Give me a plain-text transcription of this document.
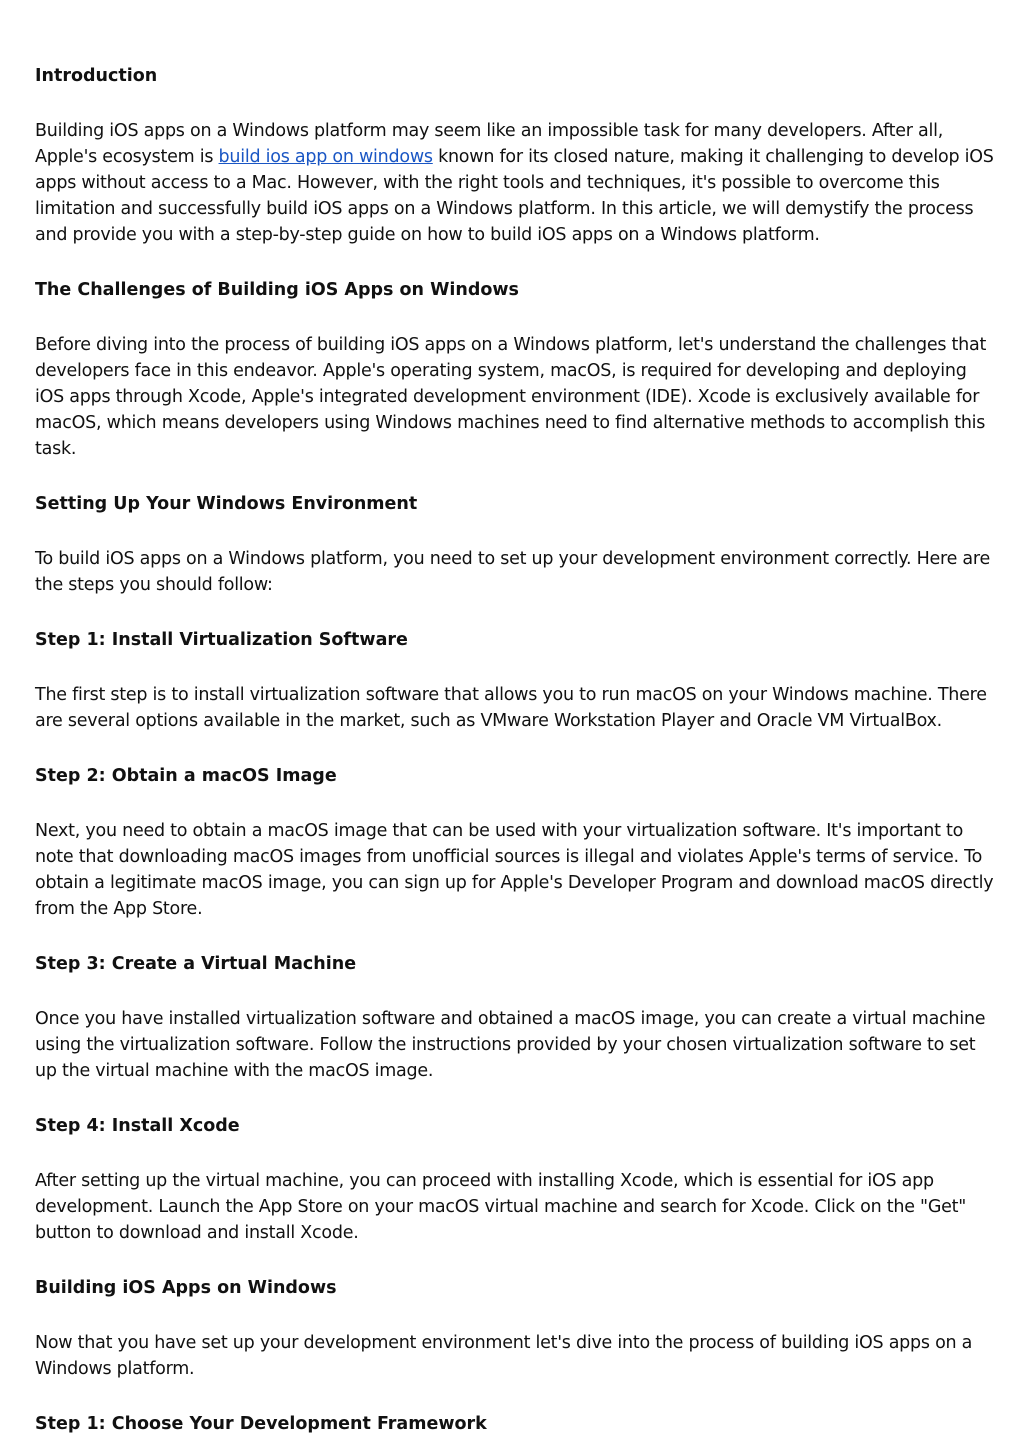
Introduction

Building iOS apps on a Windows platform may seem like an impossible task for many developers. After all, Apple's ecosystem is build ios app on windows known for its closed nature, making it challenging to develop iOS apps without access to a Mac. However, with the right tools and techniques, it's possible to overcome this limitation and successfully build iOS apps on a Windows platform. In this article, we will demystify the process and provide you with a step-by-step guide on how to build iOS apps on a Windows platform.

The Challenges of Building iOS Apps on Windows

Before diving into the process of building iOS apps on a Windows platform, let's understand the challenges that developers face in this endeavor. Apple's operating system, macOS, is required for developing and deploying iOS apps through Xcode, Apple's integrated development environment (IDE). Xcode is exclusively available for macOS, which means developers using Windows machines need to find alternative methods to accomplish this task.

Setting Up Your Windows Environment

To build iOS apps on a Windows platform, you need to set up your development environment correctly. Here are the steps you should follow:

Step 1: Install Virtualization Software

The first step is to install virtualization software that allows you to run macOS on your Windows machine. There are several options available in the market, such as VMware Workstation Player and Oracle VM VirtualBox.

Step 2: Obtain a macOS Image

Next, you need to obtain a macOS image that can be used with your virtualization software. It's important to note that downloading macOS images from unofficial sources is illegal and violates Apple's terms of service. To obtain a legitimate macOS image, you can sign up for Apple's Developer Program and download macOS directly from the App Store.

Step 3: Create a Virtual Machine

Once you have installed virtualization software and obtained a macOS image, you can create a virtual machine using the virtualization software. Follow the instructions provided by your chosen virtualization software to set up the virtual machine with the macOS image.

Step 4: Install Xcode

After setting up the virtual machine, you can proceed with installing Xcode, which is essential for iOS app development. Launch the App Store on your macOS virtual machine and search for Xcode. Click on the "Get" button to download and install Xcode.

Building iOS Apps on Windows

Now that you have set up your development environment let's dive into the process of building iOS apps on a Windows platform.

Step 1: Choose Your Development Framework
